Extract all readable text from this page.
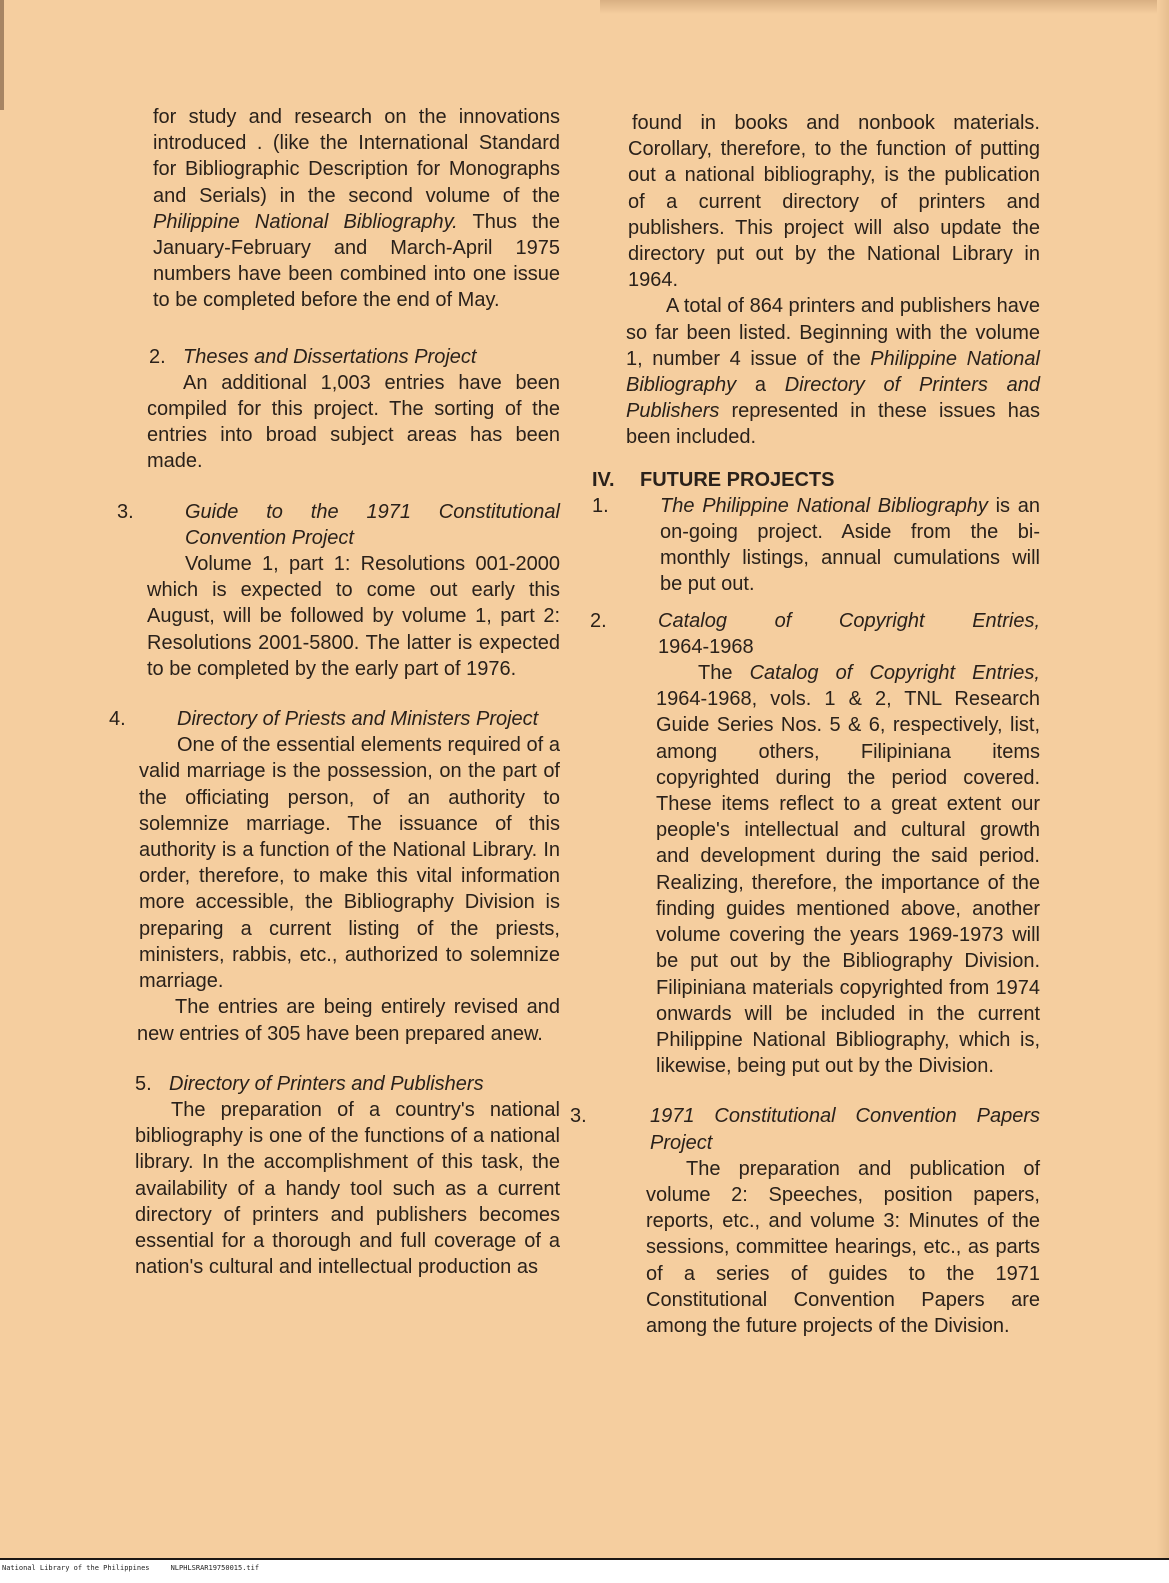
for study and research on the innovations introduced . (like the International Standard for Bibliographic Description for Monographs and Serials) in the second volume of the Philippine National Bibliography. Thus the January-February and March-April 1975 numbers have been combined into one issue to be completed before the end of May.

2. Theses and Dissertations Project

An additional 1,003 entries have been compiled for this project. The sorting of the entries into broad subject areas has been made.

3.	Guide to the 1971 Constitutional Convention Project

Volume 1, part 1: Resolutions 001-2000 which is expected to come out early this August, will be followed by volume 1, part 2: Resolutions 2001-5800. The latter is expected to be completed by the early part of 1976.

4.	Directory of Priests and Ministers Project

One of the essential elements required of a valid marriage is the possession, on the part of the officiating person, of an authority to solemnize marriage. The issuance of this authority is a function of the National Library. In order, therefore, to make this vital information more accessible, the Bibliography Division is preparing a current listing of the priests, ministers, rabbis, etc., authorized to solemnize marriage.

The entries are being entirely revised and new entries of 305 have been prepared anew.

5. Directory of Printers and Publishers

The preparation of a country's national bibliography is one of the functions of a national library. In the accomplishment of this task, the availability of a handy tool such as a current directory of printers and publishers becomes essential for a thorough and full coverage of a nation's cultural and intellectual production as

found in books and nonbook materials. Corollary, therefore, to the function of putting out a national bibliography, is the publication of a current directory of printers and publishers. This project will also update the directory put out by the National Library in 1964.

A total of 864 printers and publishers have so far been listed. Beginning with the volume 1, number 4 issue of the Philippine National Bibliography a Directory of Printers and Publishers represented in these issues has been included.

IV. FUTURE PROJECTS

1.	The Philippine National Bibliography is an on-going project. Aside from the bi-monthly listings, annual cumulations will be put out.

2.	Catalog of Copyright Entries,

1964-1968

The Catalog of Copyright Entries, 1964-1968, vols. 1 & 2, TNL Research Guide Series Nos. 5 & 6, respectively, list, among others, Filipiniana items copyrighted during the period covered. These items reflect to a great extent our people's intellectual and cultural growth and development during the said period. Realizing, therefore, the importance of the finding guides mentioned above, another volume covering the years 1969-1973 will be put out by the Bibliography Division. Filipiniana materials copyrighted from 1974 onwards will be included in the current Philippine National Bibliography, which is, likewise, being put out by the Division.

3.	1971 Constitutional Convention Papers Project

The preparation and publication of volume 2: Speeches, position papers, reports, etc., and volume 3: Minutes of the sessions, committee hearings, etc., as parts of a series of guides to the 1971 Constitutional Convention Papers are among the future projects of the Division.

National Library of the Philippines     NLPHLSRAR19750015.tif
